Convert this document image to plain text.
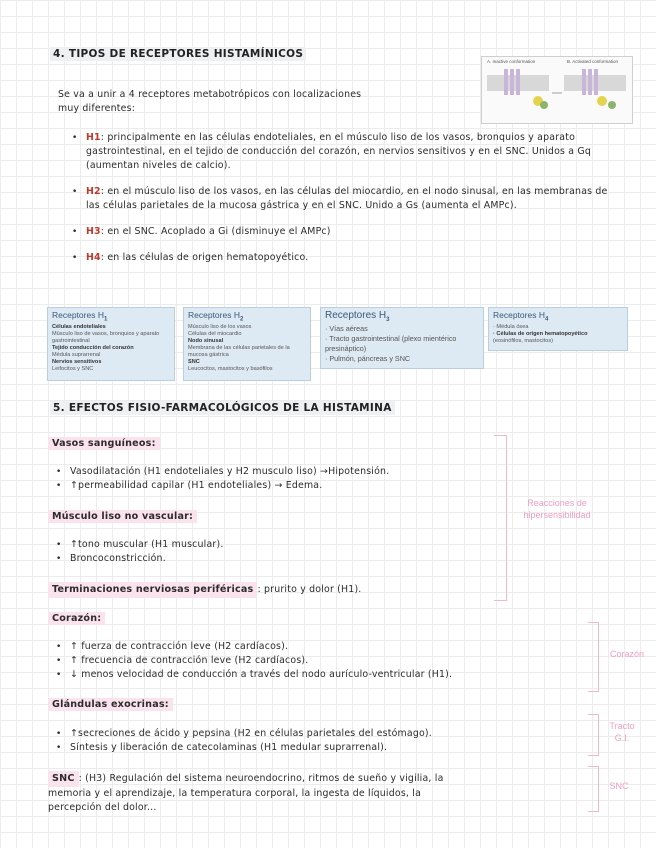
4. TIPOS DE RECEPTORES HISTAMÍNICOS
A. Inactive conformation	B. Activated conformation
Se va a unir a 4 receptores metabotrópicos con localizaciones
muy diferentes:
• H1: principalmente en las células endoteliales, en el músculo liso de los vasos, bronquios y aparato gastrointestinal, en el tejido de conducción del corazón, en nervios sensitivos y en el SNC. Unidos a Gq (aumentan niveles de calcio).
• H2: en el músculo liso de los vasos, en las células del miocardio, en el nodo sinusal, en las membranas de las células parietales de la mucosa gástrica y en el SNC. Unido a Gs (aumenta el AMPc).
• H3: en el SNC. Acoplado a Gi (disminuye el AMPc)
• H4: en las células de origen hematopoyético.
Receptores $H_1$
Células endoteliales
Músculo liso de vasos, bronquios y aparato gastrointestinal
Tejido conducción del corazón
Médula suprarrenal
Nervios sensitivos
Leifocitos y SNC
Receptores $H_2$
Músculo liso de los vasos
Células del miocardio
Nodo sinusal
Membrana de las células parietales de la mucosa gástrica
SNC
Leucocitos, mastocitos y basófilos
Receptores $H_3$
· Vías aéreas
· Tracto gastrointestinal (plexo mientérico presináptico)
· Pulmón, páncreas y SNC
Receptores $H_4$
· Médula ósea
· Células de origen hematopoyético
(eosinófilos, mastocitos)
5. EFECTOS FISIO-FARMACOLÓGICOS DE LA HISTAMINA
Vasos sanguíneos:
• Vasodilatación (H1 endoteliales y H2 musculo liso) →Hipotensión.
• ↑permeabilidad capilar (H1 endoteliales) → Edema.
Músculo liso no vascular:
• ↑tono muscular (H1 muscular).
• Broncoconstricción.
Terminaciones nerviosas periféricas : prurito y dolor (H1).
Corazón:
• ↑ fuerza de contracción leve (H2 cardíacos).
• ↑ frecuencia de contracción leve (H2 cardíacos).
• ↓ menos velocidad de conducción a través del nodo aurículo-ventricular (H1).
Glándulas exocrinas:
• ↑secreciones de ácido y pepsina (H2 en células parietales del estómago).
• Síntesis y liberación de catecolaminas (H1 medular suprarrenal).
SNC : (H3) Regulación del sistema neuroendocrino, ritmos de sueño y vigilia, la
memoria y el aprendizaje, la temperatura corporal, la ingesta de líquidos, la
percepción del dolor...
Reacciones de
hipersensibilidad
Corazón
Tracto
G.I.
SNC
